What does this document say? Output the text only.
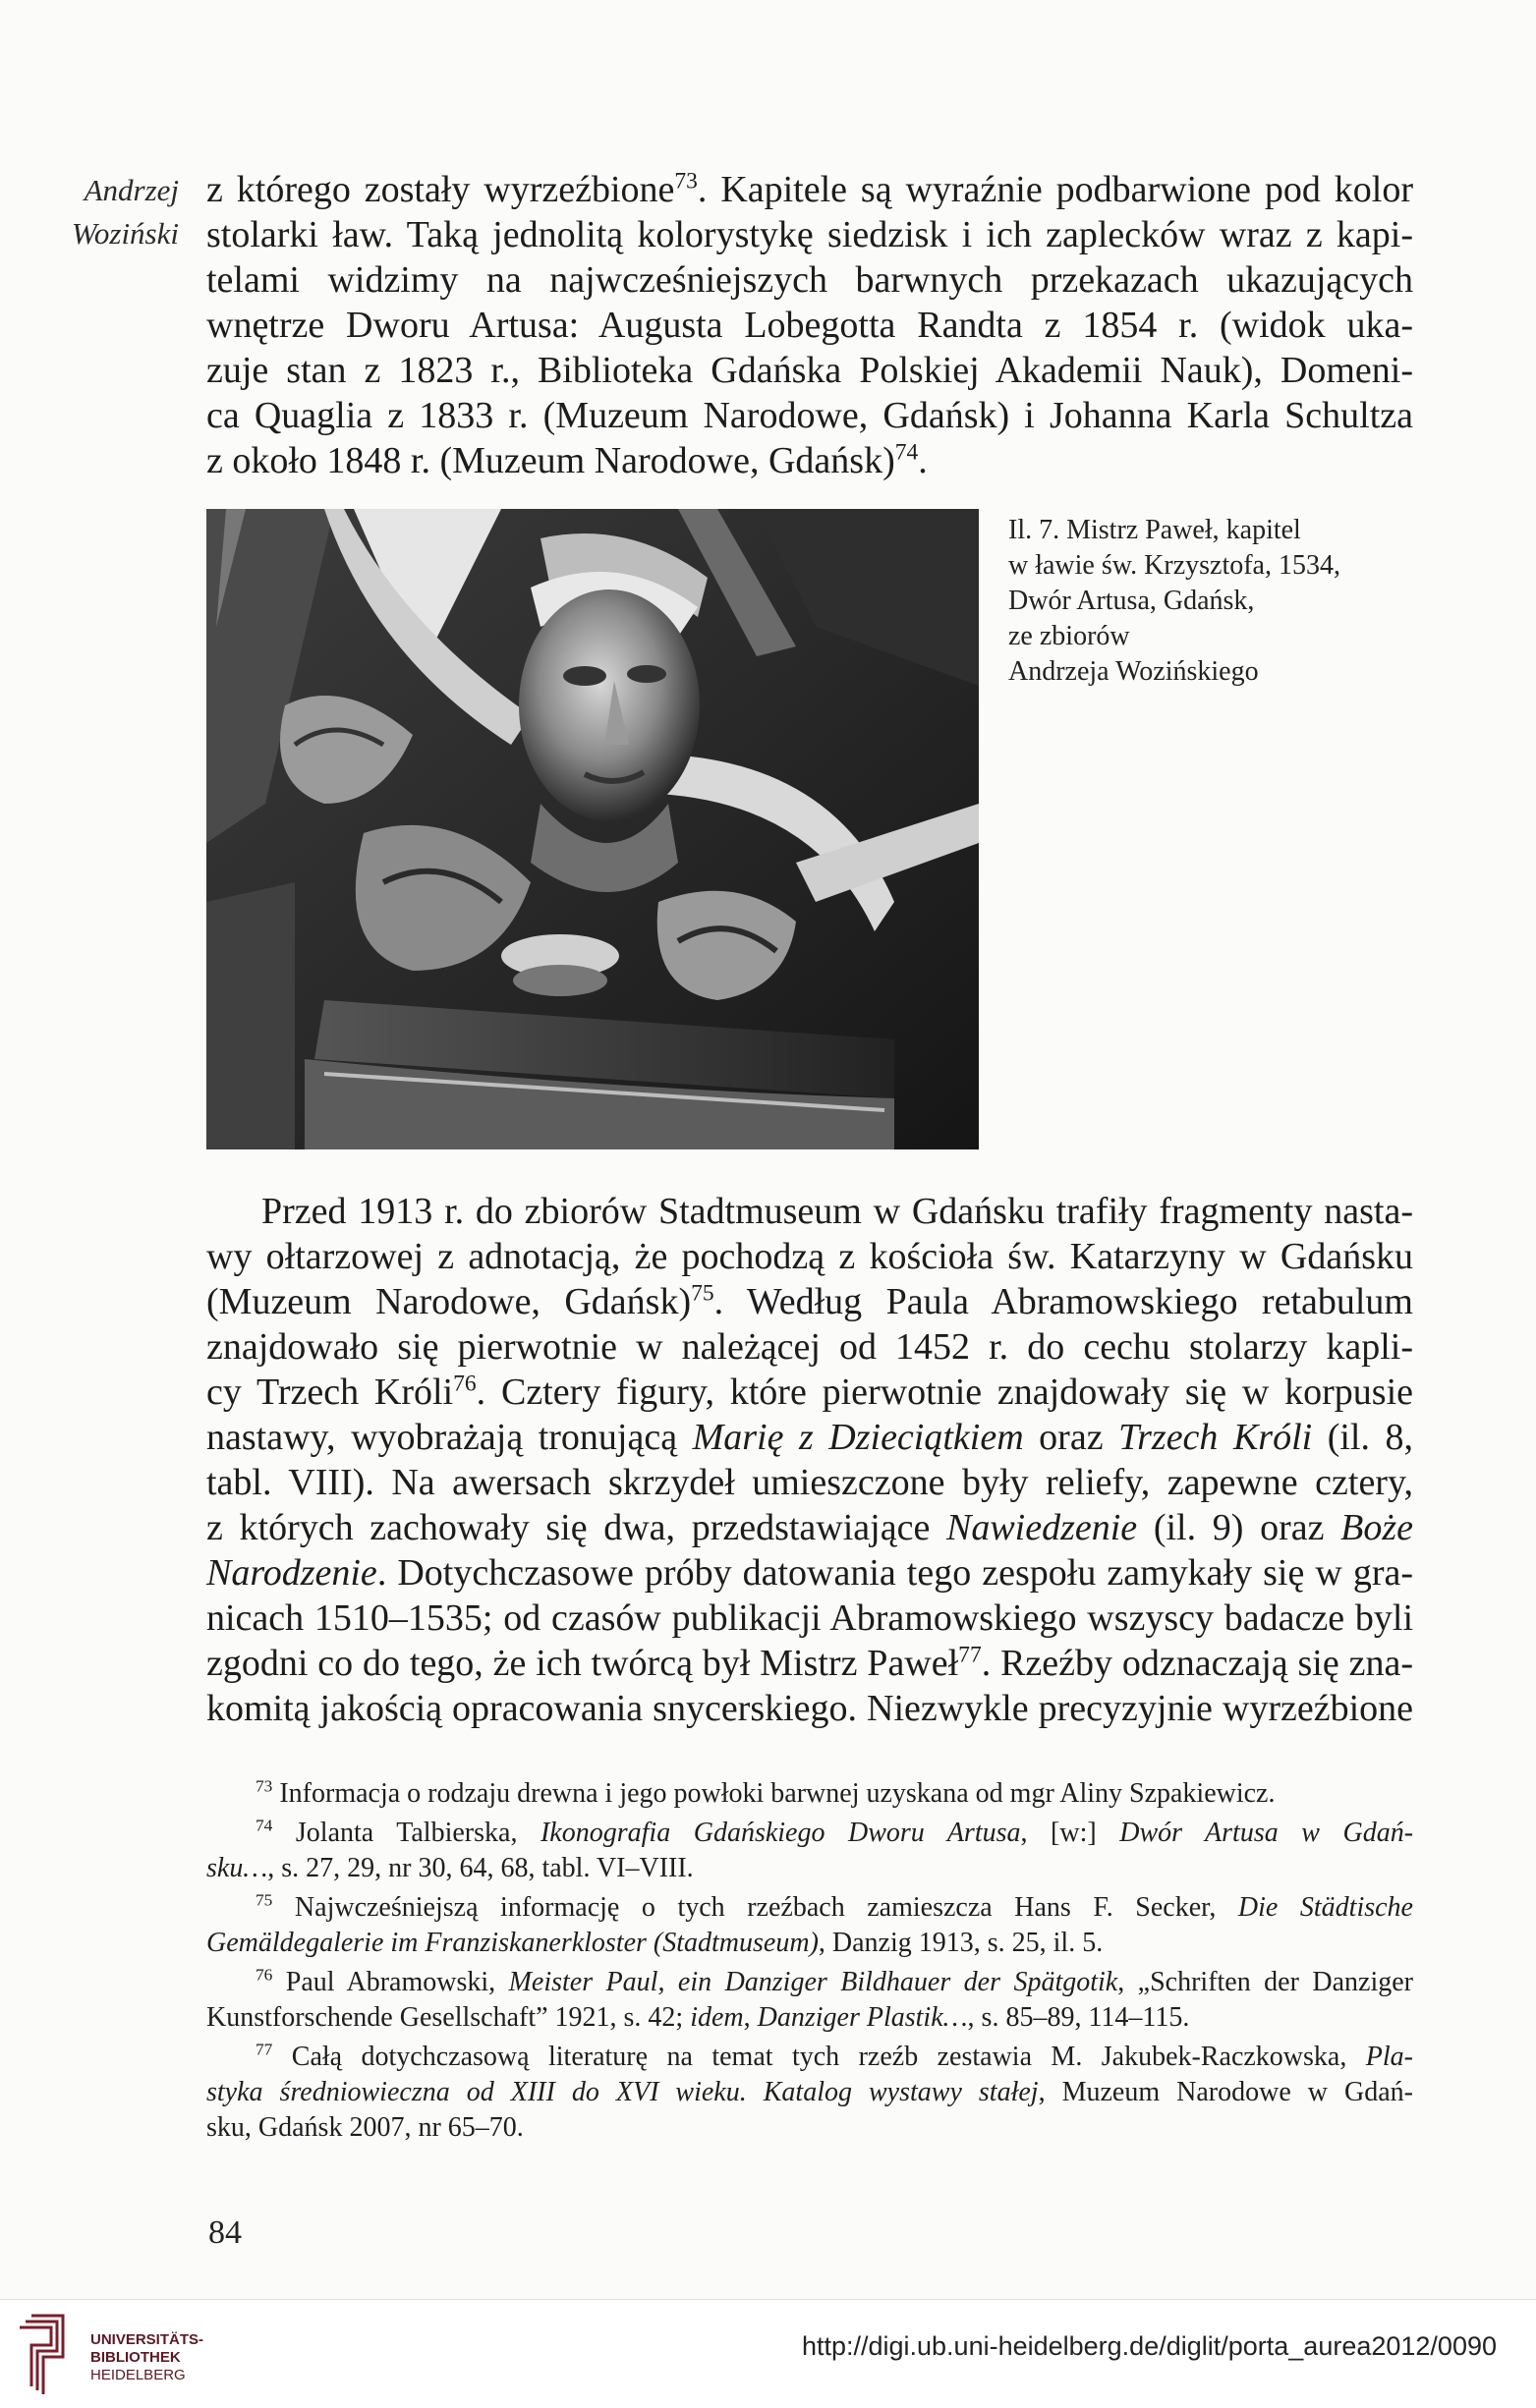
Andrzej
Woziński
z którego zostały wyrzeźbione$^{73}$. Kapitele są wyraźnie podbarwione pod kolor
stolarki ław. Taką jednolitą kolorystykę siedzisk i ich zaplecków wraz z kapi-
telami widzimy na najwcześniejszych barwnych przekazach ukazujących
wnętrze Dworu Artusa: Augusta Lobegotta Randta z 1854 r. (widok uka-
zuje stan z 1823 r., Biblioteka Gdańska Polskiej Akademii Nauk), Domeni-
ca Quaglia z 1833 r. (Muzeum Narodowe, Gdańsk) i Johanna Karla Schultza
z około 1848 r. (Muzeum Narodowe, Gdańsk)$^{74}$.
Il. 7. Mistrz Paweł, kapitel
w ławie św. Krzysztofa, 1534,
Dwór Artusa, Gdańsk,
ze zbiorów
Andrzeja Wozińskiego
Przed 1913 r. do zbiorów Stadtmuseum w Gdańsku trafiły fragmenty nasta-
wy ołtarzowej z adnotacją, że pochodzą z kościoła św. Katarzyny w Gdańsku
(Muzeum Narodowe, Gdańsk)$^{75}$. Według Paula Abramowskiego retabulum
znajdowało się pierwotnie w należącej od 1452 r. do cechu stolarzy kapli-
cy Trzech Króli$^{76}$. Cztery figury, które pierwotnie znajdowały się w korpusie
nastawy, wyobrażają tronującą Marię z Dzieciątkiem oraz Trzech Króli (il. 8,
tabl. VIII). Na awersach skrzydeł umieszczone były reliefy, zapewne cztery,
z których zachowały się dwa, przedstawiające Nawiedzenie (il. 9) oraz Boże
Narodzenie. Dotychczasowe próby datowania tego zespołu zamykały się w gra-
nicach 1510–1535; od czasów publikacji Abramowskiego wszyscy badacze byli
zgodni co do tego, że ich twórcą był Mistrz Paweł$^{77}$. Rzeźby odznaczają się zna-
komitą jakością opracowania snycerskiego. Niezwykle precyzyjnie wyrzeźbione
$^{73}$ Informacja o rodzaju drewna i jego powłoki barwnej uzyskana od mgr Aliny Szpakiewicz.
$^{74}$ Jolanta Talbierska, Ikonografia Gdańskiego Dworu Artusa, [w:] Dwór Artusa w Gdań-
sku…, s. 27, 29, nr 30, 64, 68, tabl. VI–VIII.
$^{75}$ Najwcześniejszą informację o tych rzeźbach zamieszcza Hans F. Secker, Die Städtische
Gemäldegalerie im Franziskanerkloster (Stadtmuseum), Danzig 1913, s. 25, il. 5.
$^{76}$ Paul Abramowski, Meister Paul, ein Danziger Bildhauer der Spätgotik, „Schriften der Danziger
Kunstforschende Gesellschaft” 1921, s. 42; idem, Danziger Plastik…, s. 85–89, 114–115.
$^{77}$ Całą dotychczasową literaturę na temat tych rzeźb zestawia M. Jakubek-Raczkowska, Pla-
styka średniowieczna od XIII do XVI wieku. Katalog wystawy stałej, Muzeum Narodowe w Gdań-
sku, Gdańsk 2007, nr 65–70.
84
UNIVERSITÄTS-
BIBLIOTHEK
HEIDELBERG
http://digi.ub.uni-heidelberg.de/diglit/porta_aurea2012/0090
